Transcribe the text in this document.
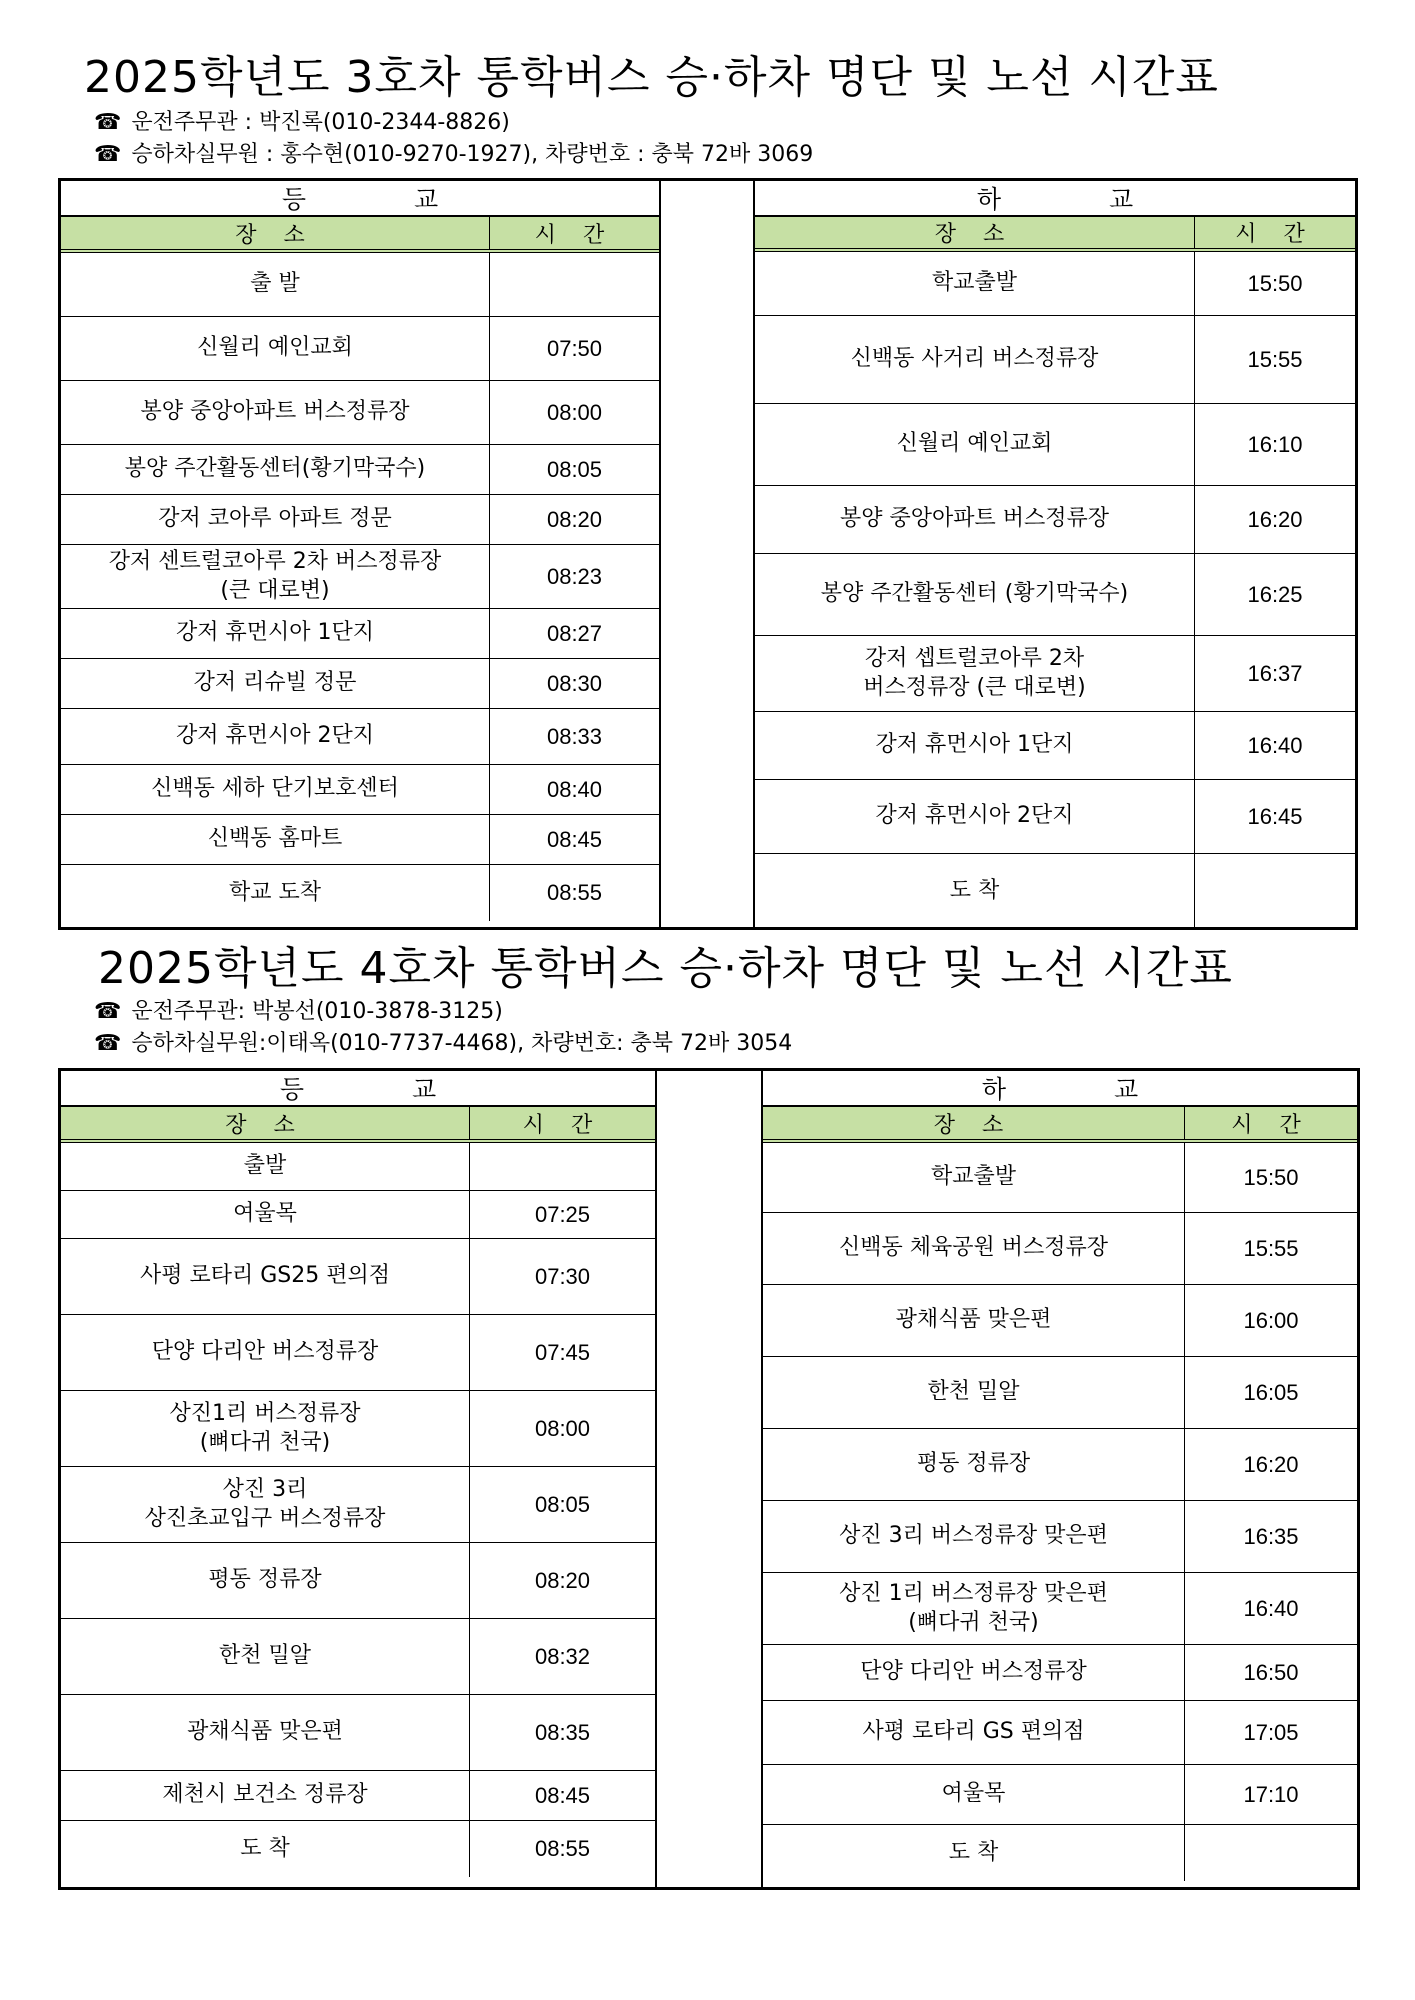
2025학년도 3호차 통학버스 승·하차 명단 및 노선 시간표

☎ 운전주무관 : 박진록(010-2344-8826)

☎ 승하차실무원 : 홍수현(010-9270-1927), 차량번호 : 충북 72바 3069

등 교
장 소	시 간
출 발
신월리 예인교회	07:50
봉양 중앙아파트 버스정류장	08:00
봉양 주간활동센터(황기막국수)	08:05
강저 코아루 아파트 정문	08:20
강저 센트럴코아루 2차 버스정류장
(큰 대로변)
08:23
강저 휴먼시아 1단지	08:27
강저 리슈빌 정문	08:30
강저 휴먼시아 2단지	08:33
신백동 세하 단기보호센터	08:40
신백동 홈마트	08:45
학교 도착	08:55
하 교
장 소	시 간
학교출발	15:50
신백동 사거리 버스정류장	15:55
신월리 예인교회	16:10
봉양 중앙아파트 버스정류장	16:20
봉양 주간활동센터 (황기막국수)	16:25
강저 셉트럴코아루 2차
버스정류장 (큰 대로변)
16:37
강저 휴먼시아 1단지	16:40
강저 휴먼시아 2단지	16:45
도 착
2025학년도 4호차 통학버스 승·하차 명단 및 노선 시간표

☎ 운전주무관: 박봉선(010-3878-3125)

☎ 승하차실무원:이태옥(010-7737-4468), 차량번호: 충북 72바 3054

등 교
장 소	시 간
출발
여울목	07:25
사평 로타리 GS25 편의점	07:30
단양 다리안 버스정류장	07:45
상진1리 버스정류장
(뼈다귀 천국)
08:00
상진 3리
상진초교입구 버스정류장
08:05
평동 정류장	08:20
한천 밀알	08:32
광채식품 맞은편	08:35
제천시 보건소 정류장	08:45
도 착	08:55
하 교
장 소	시 간
학교출발	15:50
신백동 체육공원 버스정류장	15:55
광채식품 맞은편	16:00
한천 밀알	16:05
평동 정류장	16:20
상진 3리 버스정류장 맞은편	16:35
상진 1리 버스정류장 맞은편
(뼈다귀 천국)
16:40
단양 다리안 버스정류장	16:50
사평 로타리 GS 편의점	17:05
여울목	17:10
도 착
